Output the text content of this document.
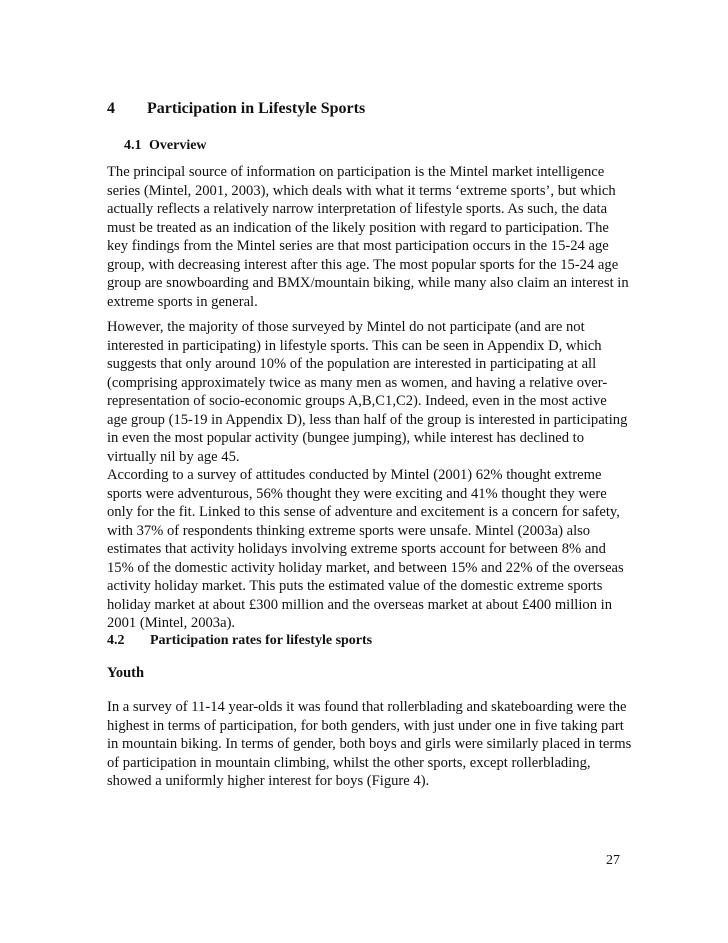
4 Participation in Lifestyle Sports
4.1 Overview

The principal source of information on participation is the Mintel market intelligence
series (Mintel, 2001, 2003), which deals with what it terms ‘extreme sports’, but which
actually reflects a relatively narrow interpretation of lifestyle sports. As such, the data
must be treated as an indication of the likely position with regard to participation. The
key findings from the Mintel series are that most participation occurs in the 15-24 age
group, with decreasing interest after this age. The most popular sports for the 15-24 age
group are snowboarding and BMX/mountain biking, while many also claim an interest in
extreme sports in general.

However, the majority of those surveyed by Mintel do not participate (and are not
interested in participating) in lifestyle sports. This can be seen in Appendix D, which
suggests that only around 10% of the population are interested in participating at all
(comprising approximately twice as many men as women, and having a relative over-
representation of socio-economic groups A,B,C1,C2). Indeed, even in the most active
age group (15-19 in Appendix D), less than half of the group is interested in participating
in even the most popular activity (bungee jumping), while interest has declined to
virtually nil by age 45.

According to a survey of attitudes conducted by Mintel (2001) 62% thought extreme
sports were adventurous, 56% thought they were exciting and 41% thought they were
only for the fit. Linked to this sense of adventure and excitement is a concern for safety,
with 37% of respondents thinking extreme sports were unsafe. Mintel (2003a) also
estimates that activity holidays involving extreme sports account for between 8% and
15% of the domestic activity holiday market, and between 15% and 22% of the overseas
activity holiday market. This puts the estimated value of the domestic extreme sports
holiday market at about £300 million and the overseas market at about £400 million in
2001 (Mintel, 2003a).

4.2 Participation rates for lifestyle sports
Youth

In a survey of 11-14 year-olds it was found that rollerblading and skateboarding were the
highest in terms of participation, for both genders, with just under one in five taking part
in mountain biking. In terms of gender, both boys and girls were similarly placed in terms
of participation in mountain climbing, whilst the other sports, except rollerblading,
showed a uniformly higher interest for boys (Figure 4).

27
